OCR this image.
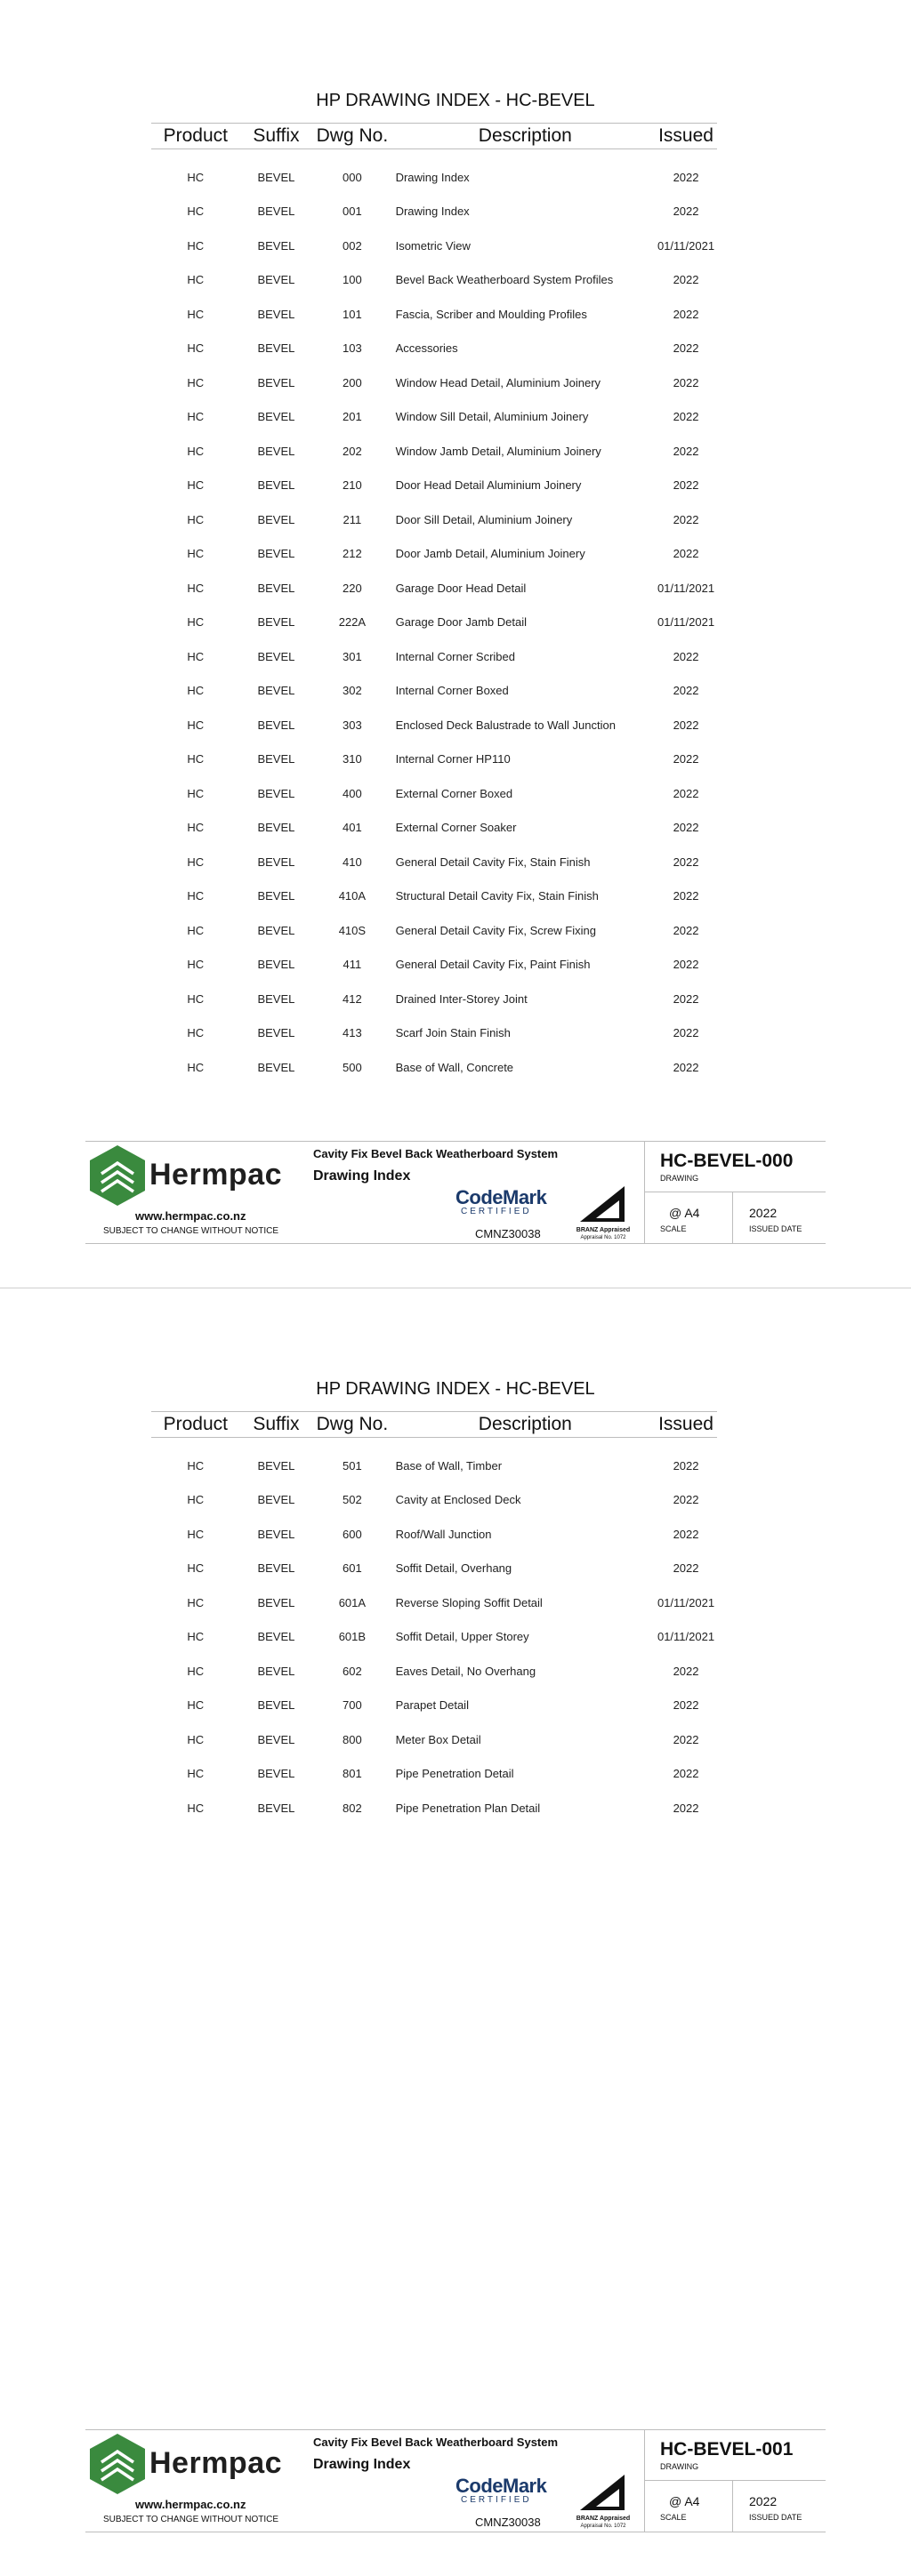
HP DRAWING INDEX - HC-BEVEL
Product	Suffix	Dwg No.	Description	Issued

HC	BEVEL	000	Drawing Index	2022
HC	BEVEL	001	Drawing Index	2022
HC	BEVEL	002	Isometric View	01/11/2021
HC	BEVEL	100	Bevel Back Weatherboard System Profiles	2022
HC	BEVEL	101	Fascia, Scriber and Moulding Profiles	2022
HC	BEVEL	103	Accessories	2022
HC	BEVEL	200	Window Head Detail, Aluminium Joinery	2022
HC	BEVEL	201	Window Sill Detail, Aluminium Joinery	2022
HC	BEVEL	202	Window Jamb Detail, Aluminium Joinery	2022
HC	BEVEL	210	Door Head Detail Aluminium Joinery	2022
HC	BEVEL	211	Door Sill Detail, Aluminium Joinery	2022
HC	BEVEL	212	Door Jamb Detail, Aluminium Joinery	2022
HC	BEVEL	220	Garage Door Head Detail	01/11/2021
HC	BEVEL	222A	Garage Door Jamb Detail	01/11/2021
HC	BEVEL	301	Internal Corner Scribed	2022
HC	BEVEL	302	Internal Corner Boxed	2022
HC	BEVEL	303	Enclosed Deck Balustrade to Wall Junction	2022
HC	BEVEL	310	Internal Corner HP110	2022
HC	BEVEL	400	External Corner Boxed	2022
HC	BEVEL	401	External Corner Soaker	2022
HC	BEVEL	410	General Detail Cavity Fix, Stain Finish	2022
HC	BEVEL	410A	Structural Detail Cavity Fix, Stain Finish	2022
HC	BEVEL	410S	General Detail Cavity Fix, Screw Fixing	2022
HC	BEVEL	411	General Detail Cavity Fix, Paint Finish	2022
HC	BEVEL	412	Drained Inter-Storey Joint	2022
HC	BEVEL	413	Scarf Join Stain Finish	2022
HC	BEVEL	500	Base of Wall, Concrete	2022
Hermpac
www.hermpac.co.nz
SUBJECT TO CHANGE WITHOUT NOTICE
Cavity Fix Bevel Back Weatherboard System
Drawing Index
CodeMark
CERTIFIED
CMNZ30038	BRANZ Appraised
Appraisal No. 1072
HC-BEVEL-000
DRAWING
@ A4
SCALE
2022
ISSUED DATE
HP DRAWING INDEX - HC-BEVEL
Product	Suffix	Dwg No.	Description	Issued

HC	BEVEL	501	Base of Wall, Timber	2022
HC	BEVEL	502	Cavity at Enclosed Deck	2022
HC	BEVEL	600	Roof/Wall Junction	2022
HC	BEVEL	601	Soffit Detail, Overhang	2022
HC	BEVEL	601A	Reverse Sloping Soffit Detail	01/11/2021
HC	BEVEL	601B	Soffit Detail, Upper Storey	01/11/2021
HC	BEVEL	602	Eaves Detail, No Overhang	2022
HC	BEVEL	700	Parapet Detail	2022
HC	BEVEL	800	Meter Box Detail	2022
HC	BEVEL	801	Pipe Penetration Detail	2022
HC	BEVEL	802	Pipe Penetration Plan Detail	2022
Hermpac
www.hermpac.co.nz
SUBJECT TO CHANGE WITHOUT NOTICE
Cavity Fix Bevel Back Weatherboard System
Drawing Index
CodeMark
CERTIFIED
CMNZ30038	BRANZ Appraised
Appraisal No. 1072
HC-BEVEL-001
DRAWING
@ A4
SCALE
2022
ISSUED DATE
